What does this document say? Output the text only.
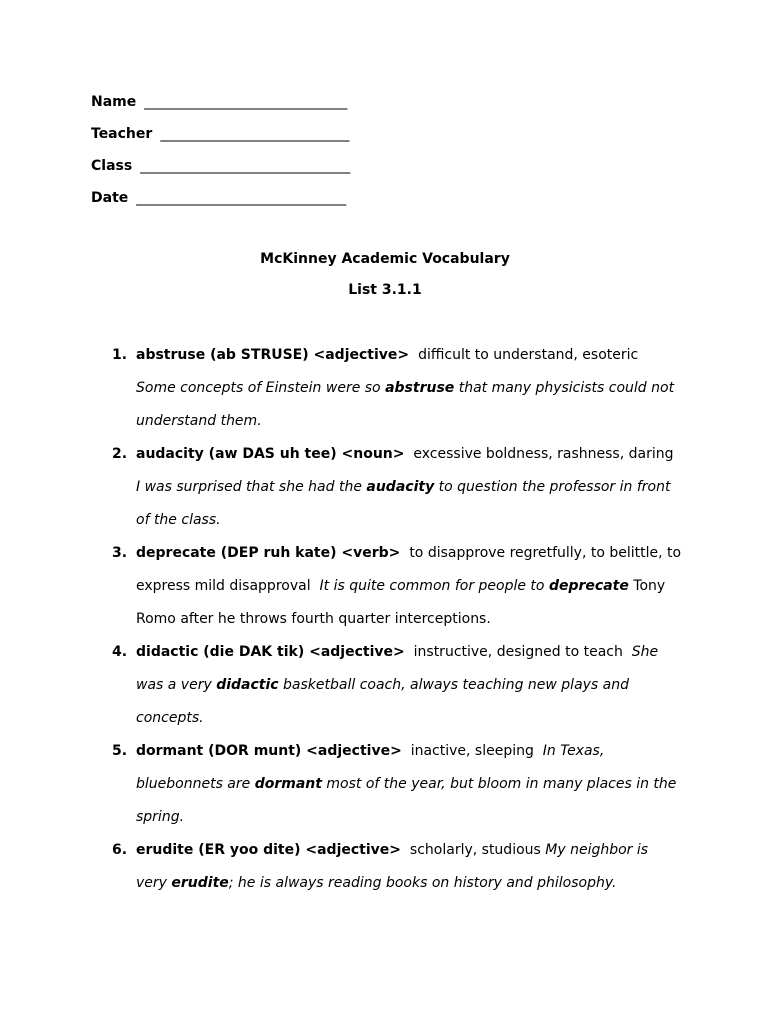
Name _____________________________
Teacher ___________________________
Class ______________________________
Date ______________________________
McKinney Academic Vocabulary
List 3.1.1
1. abstruse (ab STRUSE) <adjective> difficult to understand, esoteric Some concepts of Einstein were so abstruse that many physicists could not understand them.
2. audacity (aw DAS uh tee) <noun> excessive boldness, rashness, daring I was surprised that she had the audacity to question the professor in front of the class.
3. deprecate (DEP ruh kate) <verb> to disapprove regretfully, to belittle, to express mild disapproval It is quite common for people to deprecate Tony Romo after he throws fourth quarter interceptions.
4. didactic (die DAK tik) <adjective> instructive, designed to teach She was a very didactic basketball coach, always teaching new plays and concepts.
5. dormant (DOR munt) <adjective> inactive, sleeping In Texas, bluebonnets are dormant most of the year, but bloom in many places in the spring.
6. erudite (ER yoo dite) <adjective> scholarly, studious My neighbor is very erudite; he is always reading books on history and philosophy.
